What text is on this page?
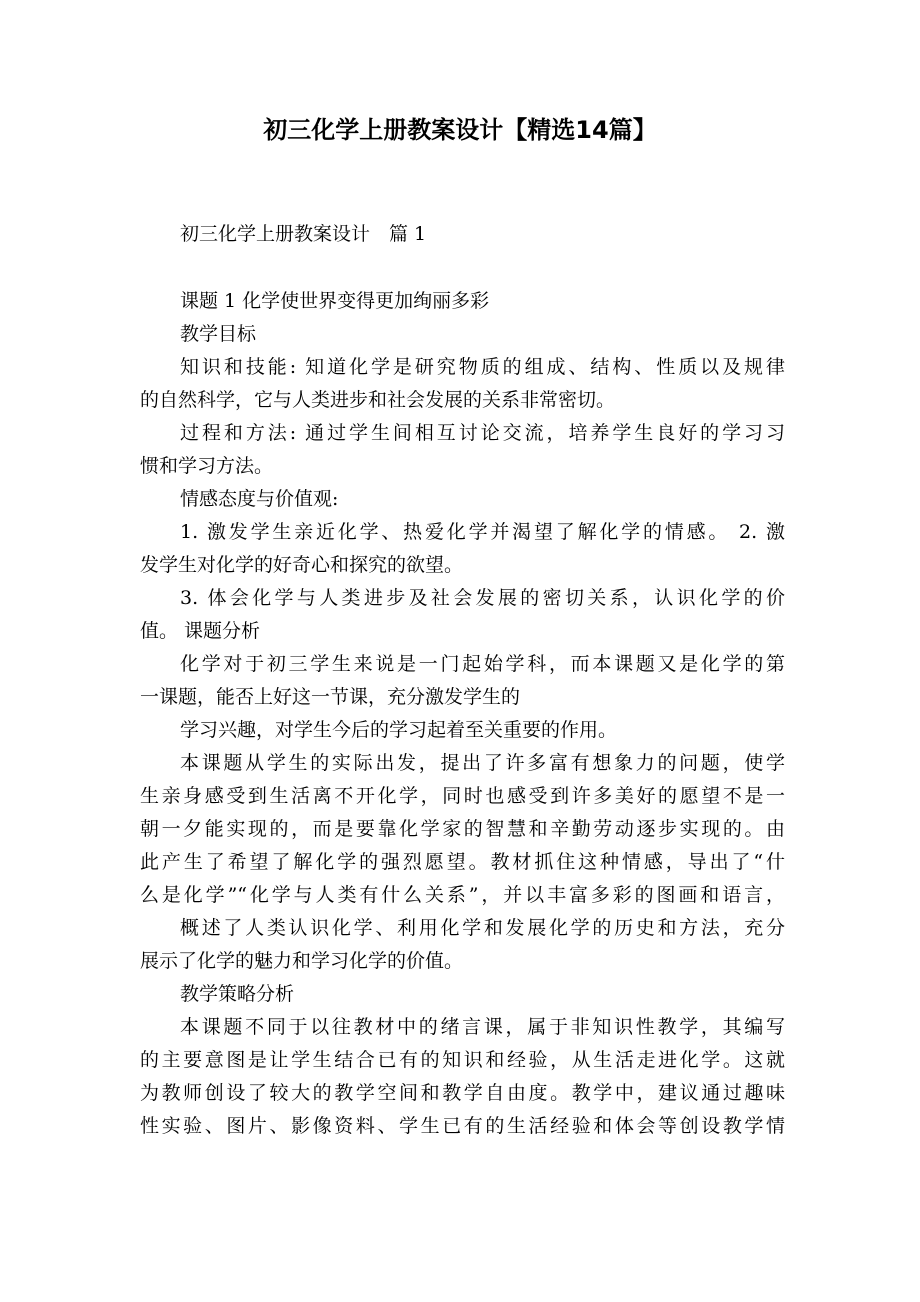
初三化学上册教案设计【精选14篇】
初三化学上册教案设计　篇 1
课题 1 化学使世界变得更加绚丽多彩
教学目标
知识和技能: 知道化学是研究物质的组成、结构、性质以及规律
的自然科学，它与人类进步和社会发展的关系非常密切。
过程和方法: 通过学生间相互讨论交流，培养学生良好的学习习
惯和学习方法。
情感态度与价值观:
1. 激发学生亲近化学、热爱化学并渴望了解化学的情感。 2. 激
发学生对化学的好奇心和探究的欲望。
3. 体会化学与人类进步及社会发展的密切关系，认识化学的价
值。 课题分析
化学对于初三学生来说是一门起始学科，而本课题又是化学的第
一课题，能否上好这一节课，充分激发学生的
学习兴趣，对学生今后的学习起着至关重要的作用。
本课题从学生的实际出发，提出了许多富有想象力的问题，使学
生亲身感受到生活离不开化学，同时也感受到许多美好的愿望不是一
朝一夕能实现的，而是要靠化学家的智慧和辛勤劳动逐步实现的。由
此产生了希望了解化学的强烈愿望。教材抓住这种情感，导出了“什
么是化学”“化学与人类有什么关系”，并以丰富多彩的图画和语言，
概述了人类认识化学、利用化学和发展化学的历史和方法，充分
展示了化学的魅力和学习化学的价值。
教学策略分析
本课题不同于以往教材中的绪言课，属于非知识性教学，其编写
的主要意图是让学生结合已有的知识和经验，从生活走进化学。这就
为教师创设了较大的教学空间和教学自由度。教学中，建议通过趣味
性实验、图片、影像资料、学生已有的生活经验和体会等创设教学情
